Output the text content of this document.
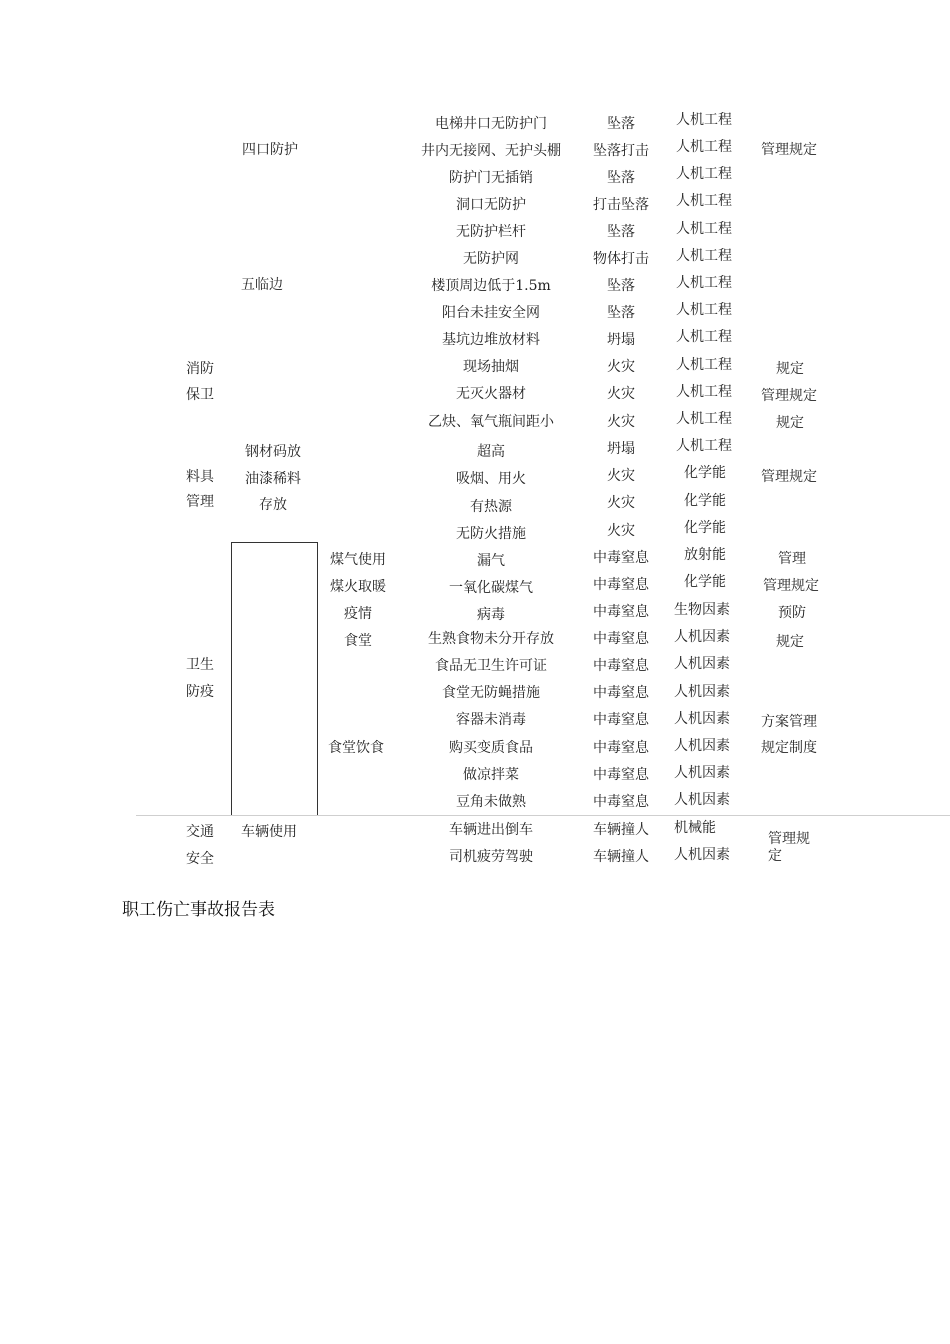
消防
保卫
料具
管理
卫生
防疫
交通
安全
四口防护
五临边
钢材码放
油漆稀料
存放
车辆使用
煤气使用
煤火取暖
疫情
食堂
食堂饮食
电梯井口无防护门
井内无接网、无护头棚
防护门无插销
洞口无防护
无防护栏杆
无防护网
楼顶周边低于1.5m
阳台未挂安全网
基坑边堆放材料
现场抽烟
无灭火器材
乙炔、氧气瓶间距小
超高
吸烟、用火
有热源
无防火措施
漏气
一氧化碳煤气
病毒
生熟食物未分开存放
食品无卫生许可证
食堂无防蝇措施
容器未消毒
购买变质食品
做凉拌菜
豆角未做熟
车辆进出倒车
司机疲劳驾驶
坠落
坠落打击
坠落
打击坠落
坠落
物体打击
坠落
坠落
坍塌
火灾
火灾
火灾
坍塌
火灾
火灾
火灾
中毒窒息
中毒窒息
中毒窒息
中毒窒息
中毒窒息
中毒窒息
中毒窒息
中毒窒息
中毒窒息
中毒窒息
车辆撞人
车辆撞人
人机工程
人机工程
人机工程
人机工程
人机工程
人机工程
人机工程
人机工程
人机工程
人机工程
人机工程
人机工程
人机工程
化学能
化学能
化学能
放射能
化学能
生物因素
人机因素
人机因素
人机因素
人机因素
人机因素
人机因素
人机因素
机械能
人机因素
管理规定
规定
管理规定
规定
管理规定
管理
管理规定
预防
规定
方案管理
规定制度
管理规
定
职工伤亡事故报告表
